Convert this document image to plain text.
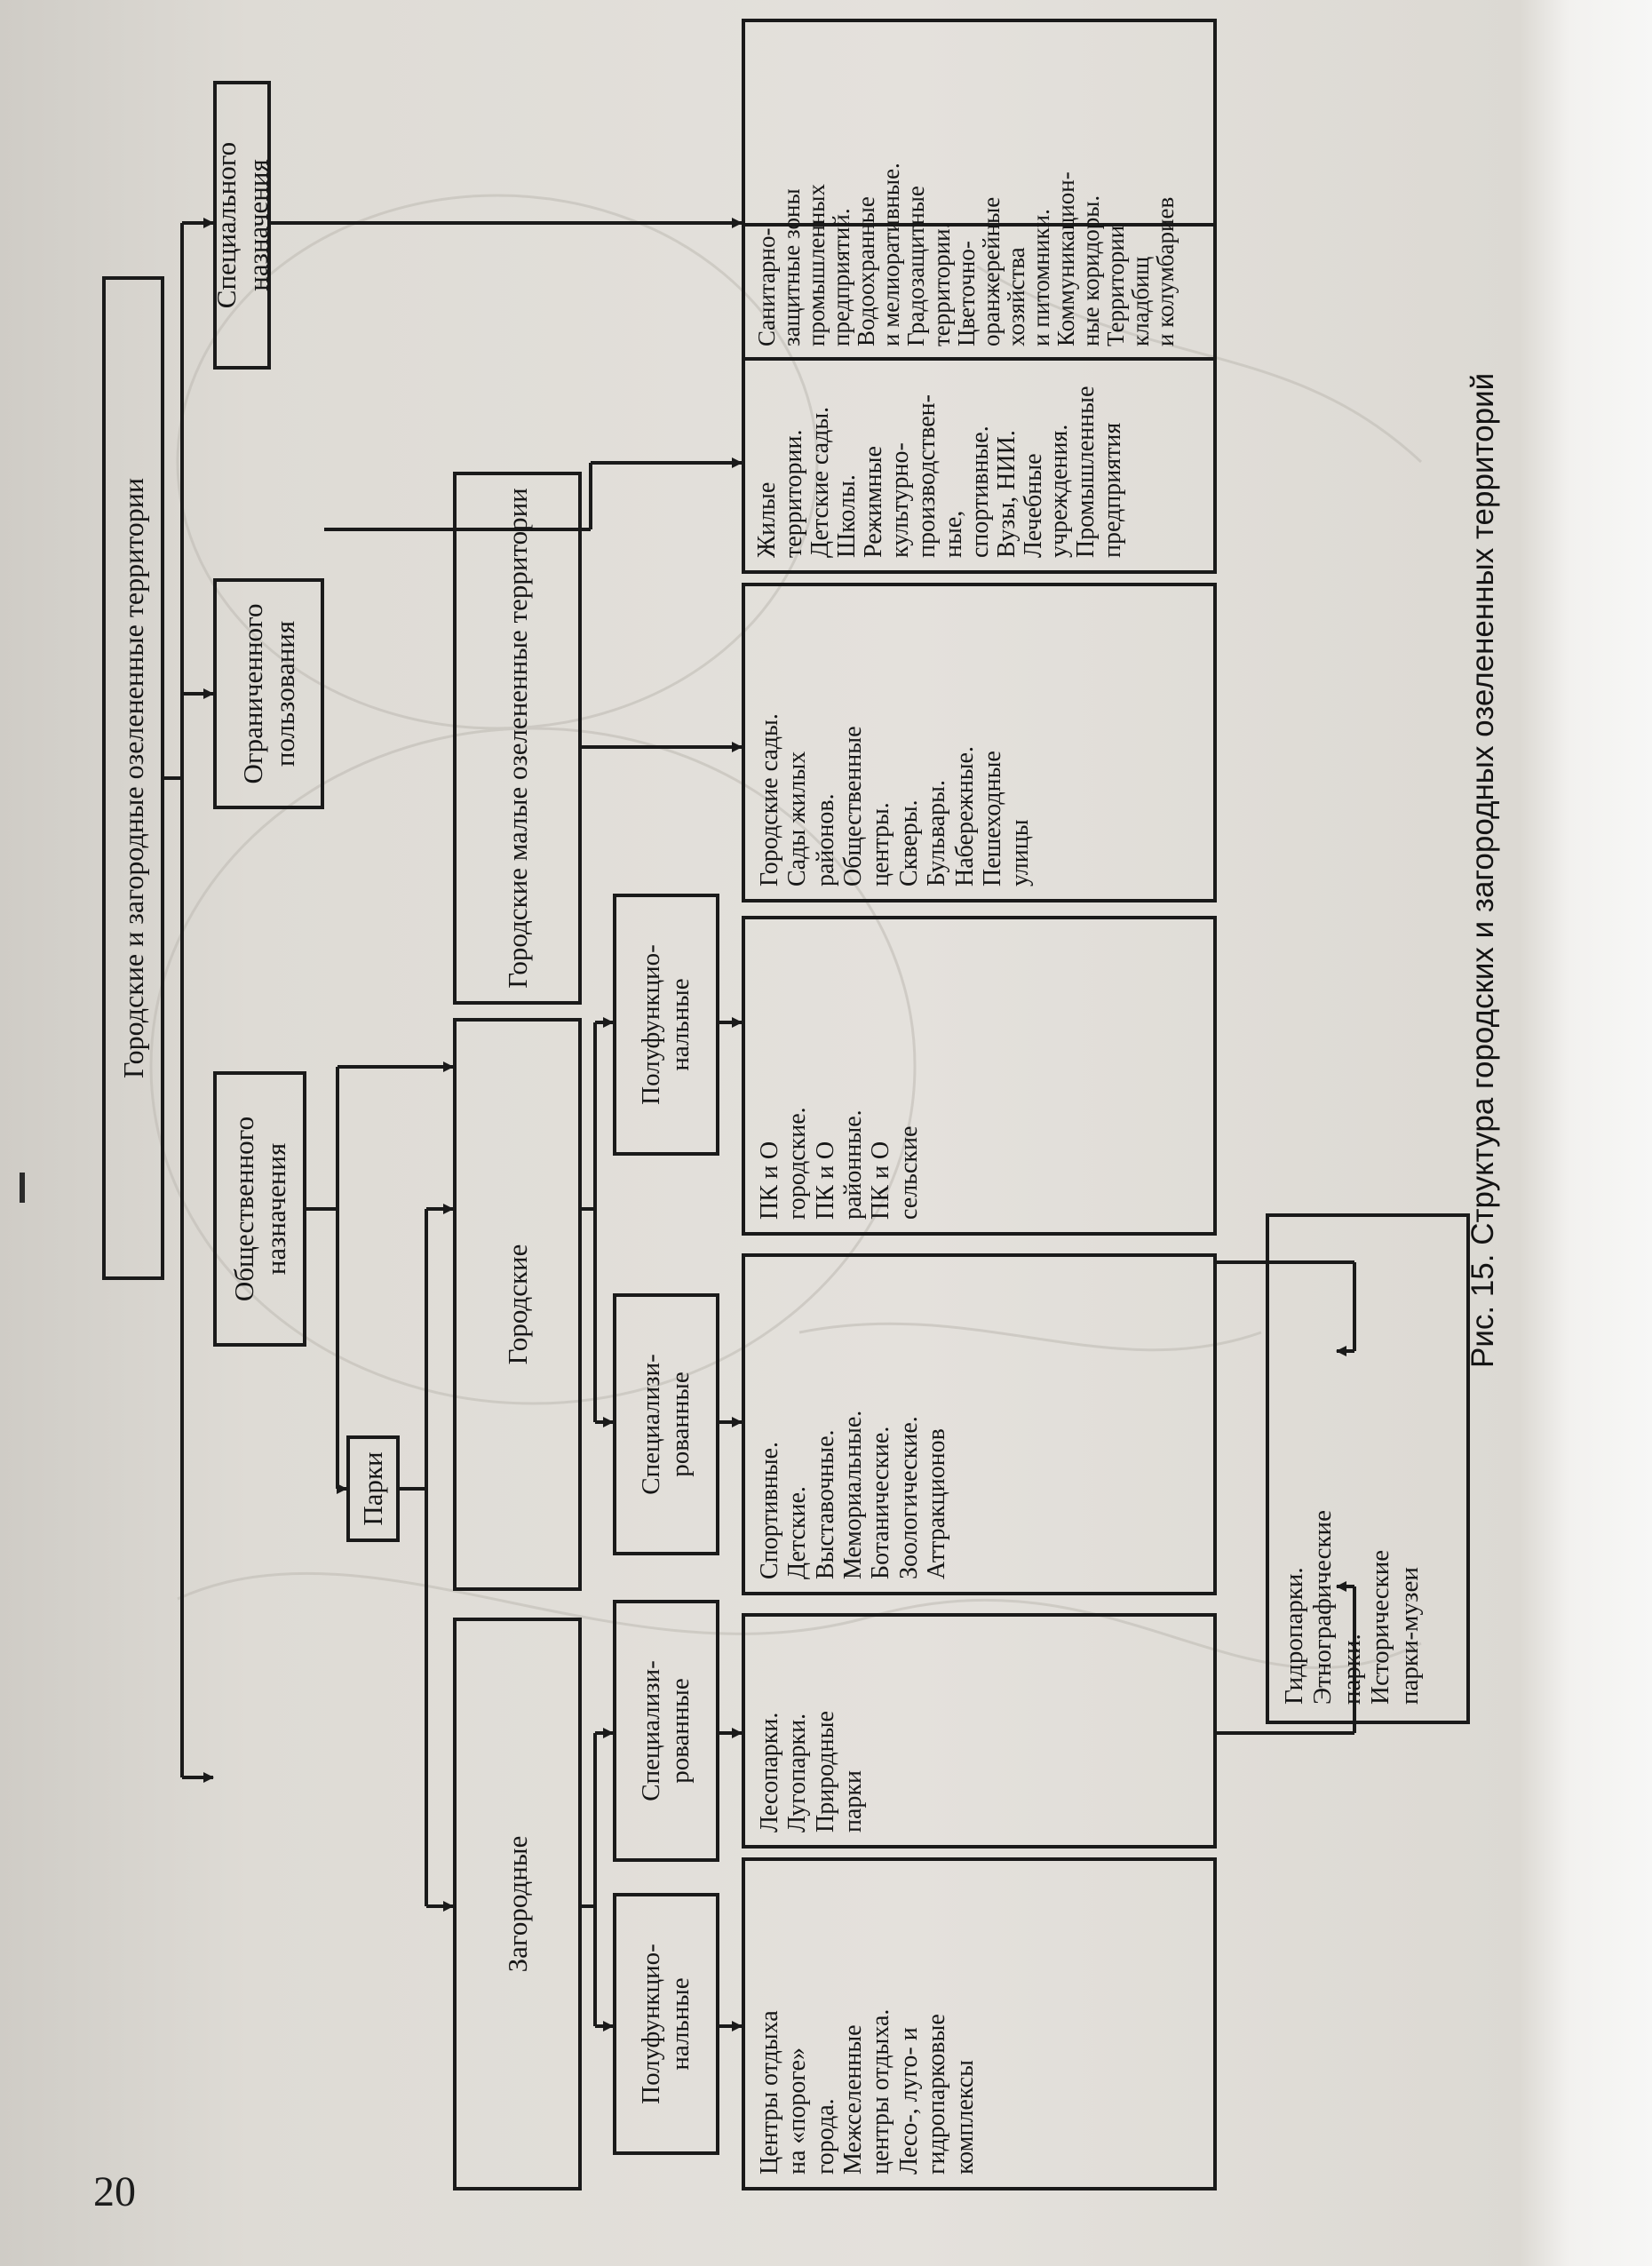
Городские и загородные озелененные территории
Общественного назначения
Ограниченного пользования
Специального назначения
Парки
Городские малые озелененные территории
Загородные
Городские
Полуфункцио-
нальные
Специализи-
рованные
Специализи-
рованные
Полуфункцио-
нальные
Центры отдыха
на «пороге»
города.
Межселенные
центры отдыха.
Лесо-, луго- и
гидропарковые
комплексы
Лесопарки.
Лугопарки.
Природные
парки
Спортивные.
Детские.
Выставочные.
Мемориальные.
Ботанические.
Зоологические.
Аттракционов
ПК и О
городские.
ПК и О
районные.
ПК и О
сельские
Городские сады.
Сады жилых
районов.
Общественные
центры.
Скверы.
Бульвары.
Набережные.
Пешеходные
улицы
Жилые
территории.
Детские сады.
Школы.
Режимные
культурно-
производствен-
ные,
спортивные.
Вузы, НИИ.
Лечебные
учреждения.
Промышленные
предприятия
Санитарно-
защитные зоны
промышленных
предприятий.
Водоохранные
и мелиоративные.
Градозащитные
территории.
Цветочно-
оранжерейные
хозяйства
и питомники.
Коммуникацион-
ные коридоры.
Территории
кладбищ
и колумбариев
Гидропарки.
Этнографические
парки.
Исторические
парки-музеи
Рис. 15. Структура городских и загородных озелененных территорий
20
